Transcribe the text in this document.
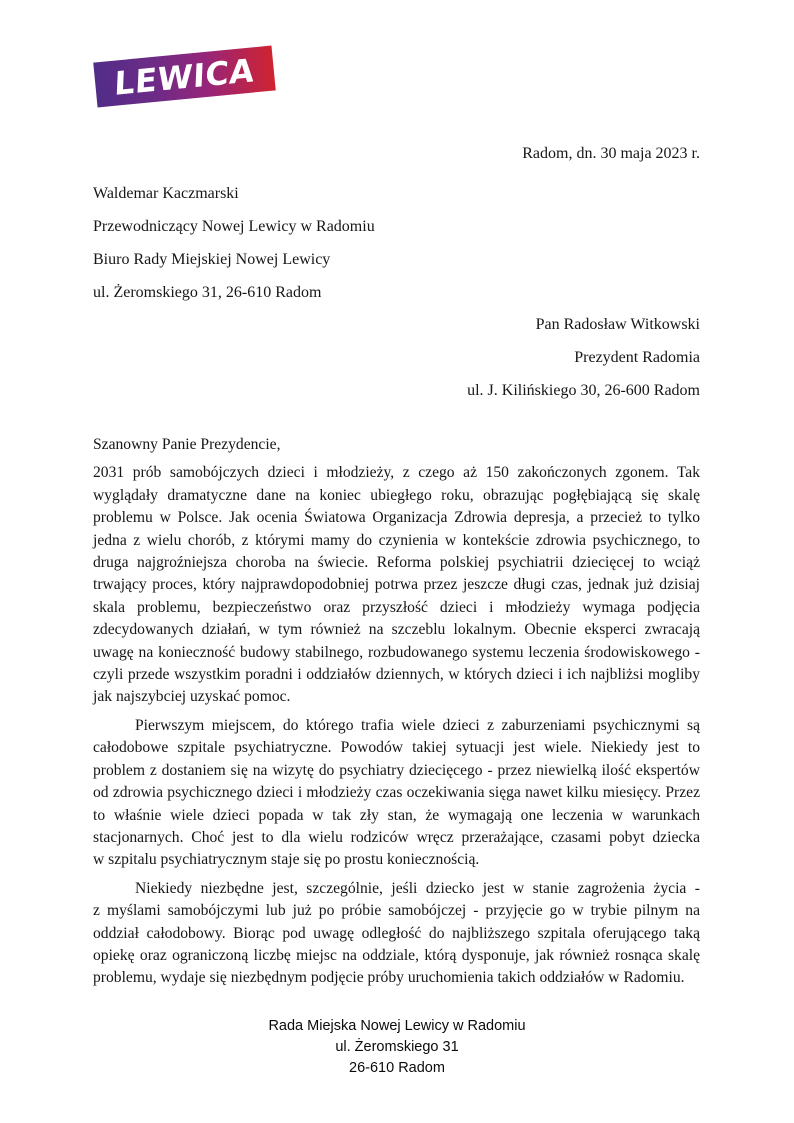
LEWICA
Radom, dn. 30 maja 2023 r.
Waldemar Kaczmarski
Przewodniczący Nowej Lewicy w Radomiu
Biuro Rady Miejskiej Nowej Lewicy
ul. Żeromskiego 31, 26-610 Radom
Pan Radosław Witkowski
Prezydent Radomia
ul. J. Kilińskiego 30, 26-600 Radom

Szanowny Panie Prezydencie,

2031 prób samobójczych dzieci i młodzieży, z czego aż 150 zakończonych zgonem. Tak wyglądały dramatyczne dane na koniec ubiegłego roku, obrazując pogłębiającą się skalę problemu w Polsce. Jak ocenia Światowa Organizacja Zdrowia depresja, a przecież to tylko jedna z wielu chorób, z którymi mamy do czynienia w kontekście zdrowia psychicznego, to druga najgroźniejsza choroba na świecie. Reforma polskiej psychiatrii dziecięcej to wciąż trwający proces, który najprawdopodobniej potrwa przez jeszcze długi czas, jednak już dzisiaj skala problemu, bezpieczeństwo oraz przyszłość dzieci i młodzieży wymaga podjęcia zdecydowanych działań, w tym również na szczeblu lokalnym. Obecnie eksperci zwracają uwagę na konieczność budowy stabilnego, rozbudowanego systemu leczenia środowiskowego - czyli przede wszystkim poradni i oddziałów dziennych, w których dzieci i ich najbliżsi mogliby jak najszybciej uzyskać pomoc.

Pierwszym miejscem, do którego trafia wiele dzieci z zaburzeniami psychicznymi są całodobowe szpitale psychiatryczne. Powodów takiej sytuacji jest wiele. Niekiedy jest to problem z dostaniem się na wizytę do psychiatry dziecięcego - przez niewielką ilość ekspertów od zdrowia psychicznego dzieci i młodzieży czas oczekiwania sięga nawet kilku miesięcy. Przez to właśnie wiele dzieci popada w tak zły stan, że wymagają one leczenia w warunkach stacjonarnych. Choć jest to dla wielu rodziców wręcz przerażające, czasami pobyt dziecka w szpitalu psychiatrycznym staje się po prostu koniecznością.

Niekiedy niezbędne jest, szczególnie, jeśli dziecko jest w stanie zagrożenia życia - z myślami samobójczymi lub już po próbie samobójczej - przyjęcie go w trybie pilnym na oddział całodobowy. Biorąc pod uwagę odległość do najbliższego szpitala oferującego taką opiekę oraz ograniczoną liczbę miejsc na oddziale, którą dysponuje, jak również rosnąca skalę problemu, wydaje się niezbędnym podjęcie próby uruchomienia takich oddziałów w Radomiu.

Rada Miejska Nowej Lewicy w Radomiu
ul. Żeromskiego 31
26-610 Radom
